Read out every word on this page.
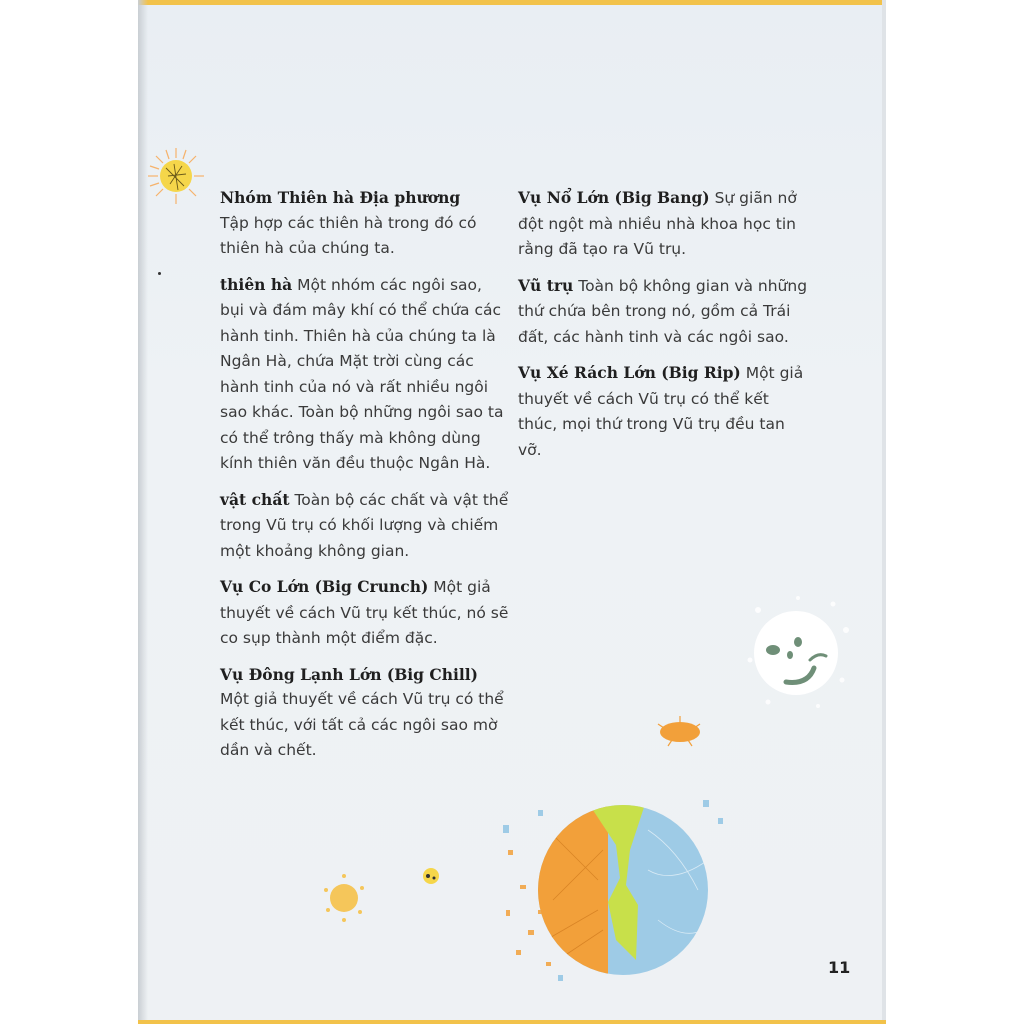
Nhóm Thiên hà Địa phương
Tập hợp các thiên hà trong đó có thiên hà của chúng ta.
thiên hà Một nhóm các ngôi sao, bụi và đám mây khí có thể chứa các hành tinh. Thiên hà của chúng ta là Ngân Hà, chứa Mặt trời cùng các hành tinh của nó và rất nhiều ngôi sao khác. Toàn bộ những ngôi sao ta có thể trông thấy mà không dùng kính thiên văn đều thuộc Ngân Hà.
vật chất Toàn bộ các chất và vật thể trong Vũ trụ có khối lượng và chiếm một khoảng không gian.
Vụ Co Lớn (Big Crunch) Một giả thuyết về cách Vũ trụ kết thúc, nó sẽ co sụp thành một điểm đặc.
Vụ Đông Lạnh Lớn (Big Chill)
Một giả thuyết về cách Vũ trụ có thể kết thúc, với tất cả các ngôi sao mờ dần và chết.
Vụ Nổ Lớn (Big Bang) Sự giãn nở đột ngột mà nhiều nhà khoa học tin rằng đã tạo ra Vũ trụ.
Vũ trụ Toàn bộ không gian và những thứ chứa bên trong nó, gồm cả Trái đất, các hành tinh và các ngôi sao.
Vụ Xé Rách Lớn (Big Rip) Một giả thuyết về cách Vũ trụ có thể kết thúc, mọi thứ trong Vũ trụ đều tan vỡ.
11
